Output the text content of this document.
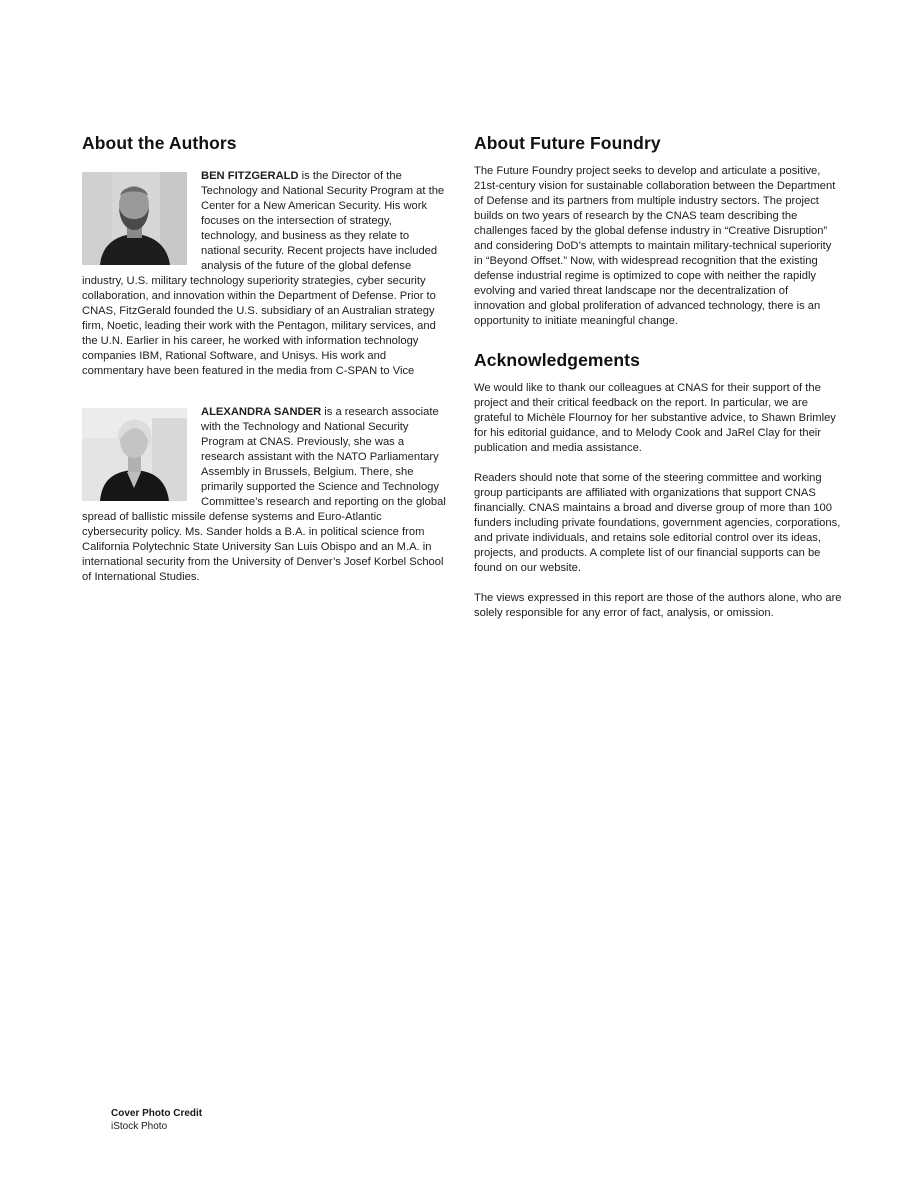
About the Authors

BEN FITZGERALD is the Director of the Technology and National Security Program at the Center for a New American Security. His work focuses on the intersection of strategy, technology, and business as they relate to national security. Recent projects have included analysis of the future of the global defense industry, U.S. military technology superiority strategies, cyber security collaboration, and innovation within the Department of Defense. Prior to CNAS, FitzGerald founded the U.S. subsidiary of an Australian strategy firm, Noetic, leading their work with the Pentagon, military services, and the U.N. Earlier in his career, he worked with information technology companies IBM, Rational Software, and Unisys. His work and commentary have been featured in the media from C-SPAN to Vice

ALEXANDRA SANDER is a research associate with the Technology and National Security Program at CNAS. Previously, she was a research assistant with the NATO Parliamentary Assembly in Brussels, Belgium. There, she primarily supported the Science and Technology Committee’s research and reporting on the global spread of ballistic missile defense systems and Euro-Atlantic cybersecurity policy. Ms. Sander holds a B.A. in political science from California Polytechnic State University San Luis Obispo and an M.A. in international security from the University of Denver’s Josef Korbel School of International Studies.

About Future Foundry

The Future Foundry project seeks to develop and articulate a positive, 21st-century vision for sustainable collaboration between the Department of Defense and its partners from multiple industry sectors. The project builds on two years of research by the CNAS team describing the challenges faced by the global defense industry in “Creative Disruption” and considering DoD’s attempts to maintain military-technical superiority in “Beyond Offset.” Now, with widespread recognition that the existing defense industrial regime is optimized to cope with neither the rapidly evolving and varied threat landscape nor the decentralization of innovation and global proliferation of advanced technology, there is an opportunity to initiate meaningful change.

Acknowledgements

We would like to thank our colleagues at CNAS for their support of the project and their critical feedback on the report. In particular, we are grateful to Michèle Flournoy for her substantive advice, to Shawn Brimley for his editorial guidance, and to Melody Cook and JaRel Clay for their publication and media assistance.

Readers should note that some of the steering committee and working group participants are affiliated with organizations that support CNAS financially. CNAS maintains a broad and diverse group of more than 100 funders including private foundations, government agencies, corporations, and private individuals, and retains sole editorial control over its ideas, projects, and products. A complete list of our financial supports can be found on our website.

The views expressed in this report are those of the authors alone, who are solely responsible for any error of fact, analysis, or omission.

Cover Photo Credit
iStock Photo
